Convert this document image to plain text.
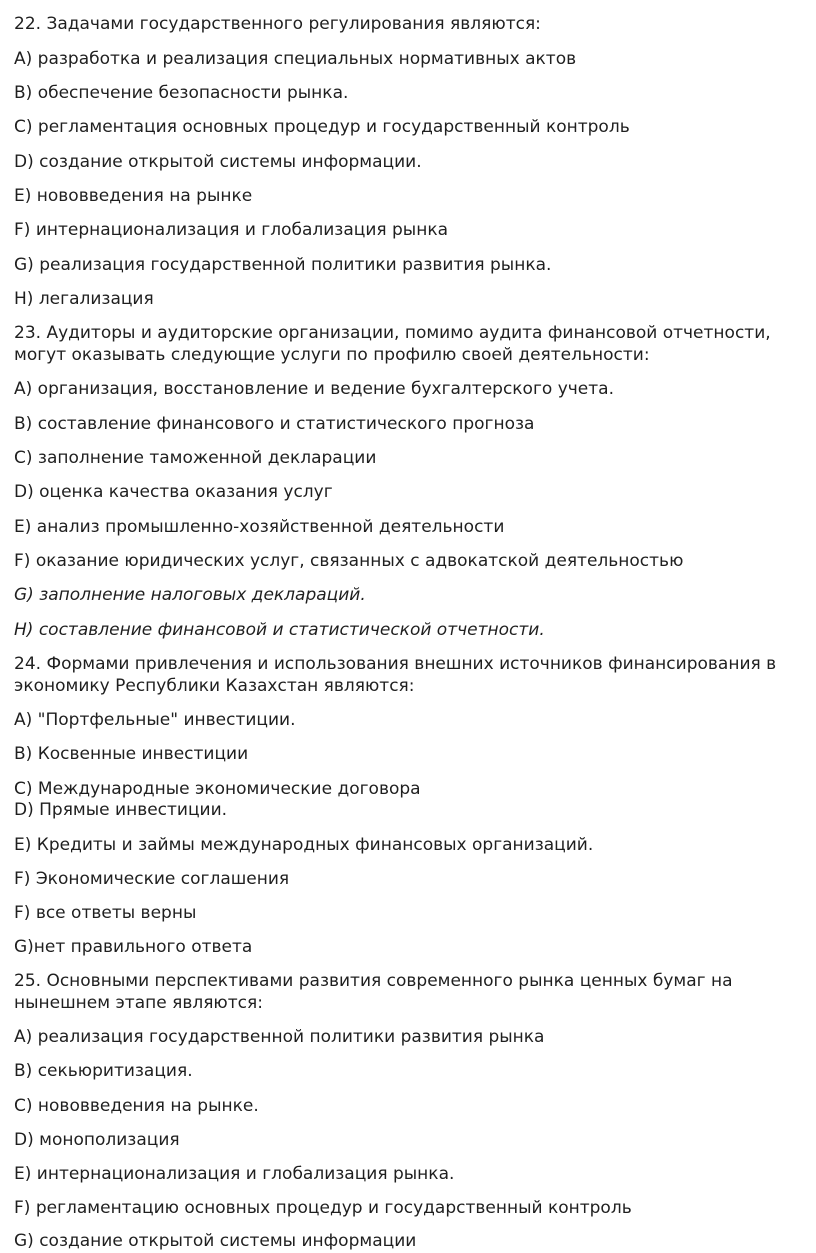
22. Задачами государственного регулирования являются:
A) разработка и реализация специальных нормативных актов
B) обеспечение безопасности рынка.
C) регламентация основных процедур и государственный контроль
D) создание открытой системы информации.
E) нововведения на рынке
F) интернационализация и глобализация рынка
G) реализация государственной политики развития рынка.
H) легализация
23. Аудиторы и аудиторские организации, помимо аудита финансовой отчетности,
могут оказывать следующие услуги по профилю своей деятельности:
A) организация, восстановление и ведение бухгалтерского учета.
B) составление финансового и статистического прогноза
C) заполнение таможенной декларации
D) оценка качества оказания услуг
E) анализ промышленно-хозяйственной деятельности
F) оказание юридических услуг, связанных с адвокатской деятельностью
G) заполнение налоговых деклараций.
H) составление финансовой и статистической отчетности.
24. Формами привлечения и использования внешних источников финансирования в
экономику Республики Казахстан являются:
A) "Портфельные" инвестиции.
B) Косвенные инвестиции
C) Международные экономические договора
D) Прямые инвестиции.
E) Кредиты и займы международных финансовых организаций.
F) Экономические соглашения
F) все ответы верны
G)нет правильного ответа
25. Основными перспективами развития современного рынка ценных бумаг на
нынешнем этапе являются:
A) реализация государственной политики развития рынка
B) секьюритизация.
C) нововведения на рынке.
D) монополизация
E) интернационализация и глобализация рынка.
F) регламентацию основных процедур и государственный контроль
G) создание открытой системы информации
